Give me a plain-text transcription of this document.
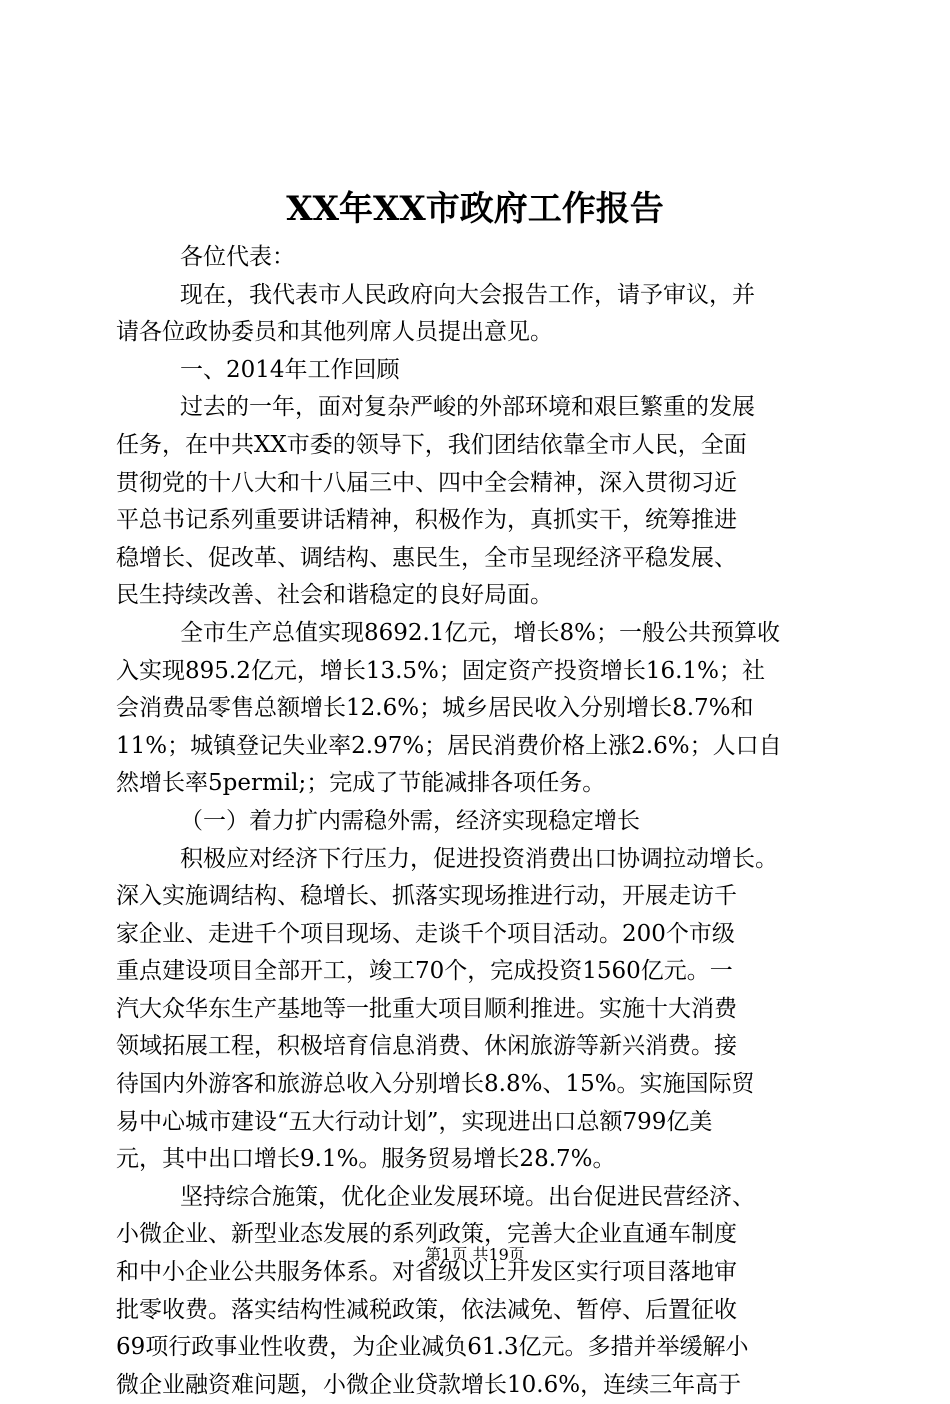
XX年XX市政府工作报告
各位代表：
现在，我代表市人民政府向大会报告工作，请予审议，并
请各位政协委员和其他列席人员提出意见。
一、2014年工作回顾
过去的一年，面对复杂严峻的外部环境和艰巨繁重的发展
任务，在中共XX市委的领导下，我们团结依靠全市人民，全面
贯彻党的十八大和十八届三中、四中全会精神，深入贯彻习近
平总书记系列重要讲话精神，积极作为，真抓实干，统筹推进
稳增长、促改革、调结构、惠民生，全市呈现经济平稳发展、
民生持续改善、社会和谐稳定的良好局面。
全市生产总值实现8692.1亿元，增长8%；一般公共预算收
入实现895.2亿元，增长13.5%；固定资产投资增长16.1%；社
会消费品零售总额增长12.6%；城乡居民收入分别增长8.7%和
11%；城镇登记失业率2.97%；居民消费价格上涨2.6%；人口自
然增长率5permil;；完成了节能减排各项任务。
（一）着力扩内需稳外需，经济实现稳定增长
积极应对经济下行压力，促进投资消费出口协调拉动增长。
深入实施调结构、稳增长、抓落实现场推进行动，开展走访千
家企业、走进千个项目现场、走谈千个项目活动。200个市级
重点建设项目全部开工，竣工70个，完成投资1560亿元。一
汽大众华东生产基地等一批重大项目顺利推进。实施十大消费
领域拓展工程，积极培育信息消费、休闲旅游等新兴消费。接
待国内外游客和旅游总收入分别增长8.8%、15%。实施国际贸
易中心城市建设“五大行动计划”，实现进出口总额799亿美
元，其中出口增长9.1%。服务贸易增长28.7%。
坚持综合施策，优化企业发展环境。出台促进民营经济、
小微企业、新型业态发展的系列政策，完善大企业直通车制度
和中小企业公共服务体系。对省级以上开发区实行项目落地审
批零收费。落实结构性减税政策，依法减免、暂停、后置征收
69项行政事业性收费，为企业减负61.3亿元。多措并举缓解小
微企业融资难问题，小微企业贷款增长10.6%，连续三年高于
第1页 共19页
